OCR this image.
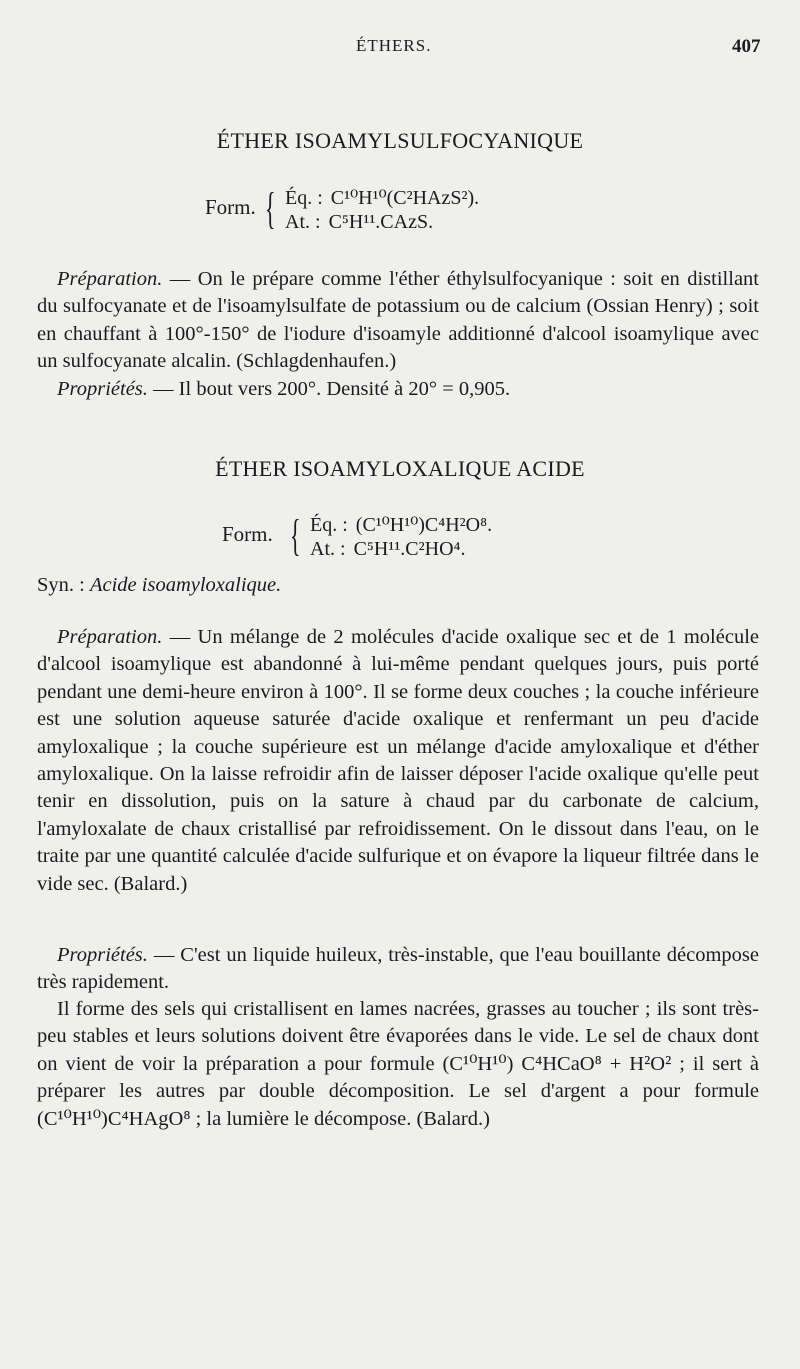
ÉTHERS.	407
ÉTHER ISOAMYLSULFOCYANIQUE
Form. { Éq. : C¹⁰H¹⁰(C²HAzS²).
At. : C⁵H¹¹.CAzS.

Préparation. — On le prépare comme l'éther éthylsulfocyanique : soit en distillant du sulfocyanate et de l'isoamylsulfate de potassium ou de calcium (Ossian Henry) ; soit en chauffant à 100°-150° de l'iodure d'isoamyle additionné d'alcool isoamylique avec un sulfocyanate alcalin. (Schlagdenhaufen.)

Propriétés. — Il bout vers 200°. Densité à 20° = 0,905.

ÉTHER ISOAMYLOXALIQUE ACIDE
Form. { Éq. : (C¹⁰H¹⁰)C⁴H²O⁸.
At. : C⁵H¹¹.C²HO⁴.
Syn. : Acide isoamyloxalique.

Préparation. — Un mélange de 2 molécules d'acide oxalique sec et de 1 molécule d'alcool isoamylique est abandonné à lui-même pendant quelques jours, puis porté pendant une demi-heure environ à 100°. Il se forme deux couches ; la couche inférieure est une solution aqueuse saturée d'acide oxalique et renfermant un peu d'acide amyloxalique ; la couche supérieure est un mélange d'acide amyloxalique et d'éther amyloxalique. On la laisse refroidir afin de laisser déposer l'acide oxalique qu'elle peut tenir en dissolution, puis on la sature à chaud par du carbonate de calcium, l'amyloxalate de chaux cristallisé par refroidissement. On le dissout dans l'eau, on le traite par une quantité calculée d'acide sulfurique et on évapore la liqueur filtrée dans le vide sec. (Balard.)

Propriétés. — C'est un liquide huileux, très-instable, que l'eau bouillante décompose très rapidement.

Il forme des sels qui cristallisent en lames nacrées, grasses au toucher ; ils sont très-peu stables et leurs solutions doivent être évaporées dans le vide. Le sel de chaux dont on vient de voir la préparation a pour formule (C¹⁰H¹⁰) C⁴HCaO⁸ + H²O² ; il sert à préparer les autres par double décomposition. Le sel d'argent a pour formule (C¹⁰H¹⁰)C⁴HAgO⁸ ; la lumière le décompose. (Balard.)
